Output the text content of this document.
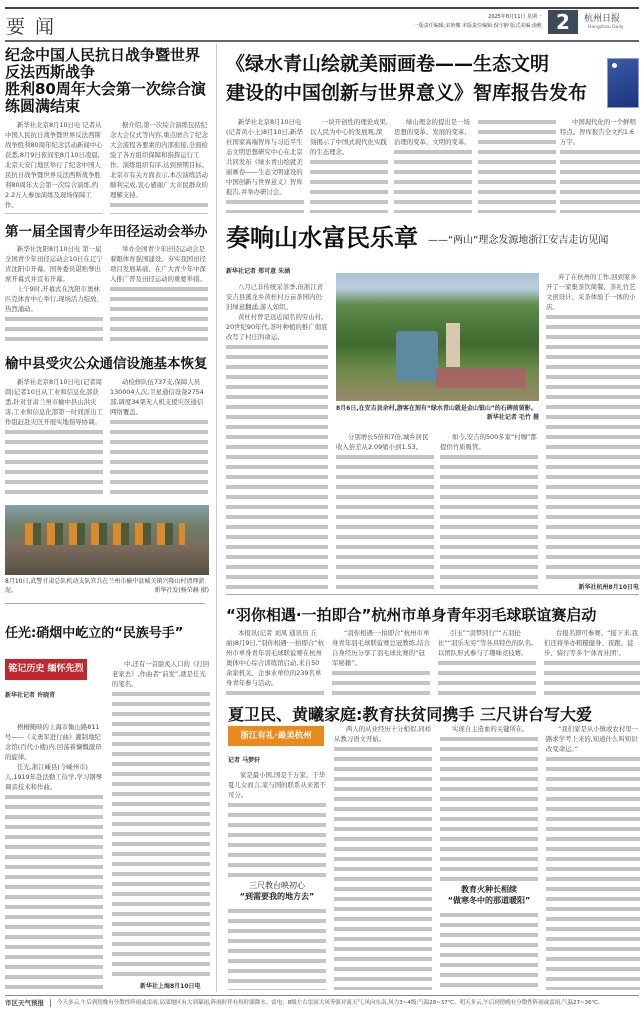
要闻	2025年8月11日 星期一
一版责任编辑:宋艳娜 本版责任编辑:倪宇翀 版式美编:俞帆 2	杭州日报
Hangzhou Daily
纪念中国人民抗日战争暨世界反法西斯战争
胜利80周年大会第一次综合演练圆满结束

新华社北京8月10日电 记者从中国人民抗日战争暨世界反法西斯战争胜利80周年纪念活动新闻中心获悉,8月9日夜间至8月10日凌晨,北京天安门地区举行了纪念中国人民抗日战争暨世界反法西斯战争胜利80周年大会第一次综合演练,约2.2万人参加演练及现场保障工作。

据介绍,第一次综合演练包括纪念大会仪式等内容,重点磨合了纪念大会流程各要素的内部衔接,全面检验了各方组织保障和指挥运行工作。演练组织有序,达到预期目标。北京市有关方面表示,本次演练活动顺利完成,衷心感谢广大市民群众的理解支持。

第一届全国青少年田径运动会举办

新华社沈阳8月10日电 第一届全国青少年田径运动会10日在辽宁省沈阳市开幕。国务委员谌贻琴出席开幕式并宣布开幕。

上午9时,开幕式在沈阳市奥林匹克体育中心举行,现场活力绽放、热烈涌动。

举办全国青少年田径运动会是着眼体育强国建设、夯实我国田径项目发展基础、在广大青少年中深入推广普及田径运动的重要举措。

榆中县受灾公众通信设施基本恢复

新华社北京8月10日电(记者周圆)记者10日从工业和信息化部获悉,针对甘肃兰州市榆中县山洪灾害,工业和信息化部第一时间派出工作组赶赴灾区开展实地指导协调。

动检修队伍737支,保障人员130004人次,卫星通信设备2754部,调度34架无人机支援灾区通信网络覆盖。

8月10日,武警甘肃总队机动支队官兵在兰州市榆中县城关镇兴隆山村清理淤泥。	新华社发(杨荣赫 摄)
任光:硝烟中屹立的“民族号手”
铭记历史 缅怀先烈
新华社记者 许晓青

梧桐掩映的上海市衡山路811号——《义勇军进行曲》灌制地纪念馆(百代小楼)内,回荡着慷慨激昂的旋律。

任光,浙江嵊县(今嵊州市)人,1919年赴法勤工俭学,学习钢琴调音技术和作曲。

中,还有一首脍炙人口的《打回老家去》,作曲者“前发”,就是任光的笔名。

新华社上海8月10日电
《绿水青山绘就美丽画卷——生态文明
建设的中国创新与世界意义》智库报告发布

新华社北京8月10日电(记者黄小土)8月10日,新华社国家高端智库与习近平生态文明思想研究中心在北京共同发布《绿水青山绘就美丽画卷——生态文明建设的中国创新与世界意义》智库报告,并举办研讨会。

一块开创性的理论成果,以人民为中心的发展观,深刻揭示了中国式现代化实践的生态理念。

绿山理念的提出是一场思想的变革、发展的变革、治理的变革、文明的变革。

中国现代化的一个鲜明特点。智库报告全文约1.6万字。

奏响山水富民乐章 ——“两山”理念发源地浙江安吉走访见闻
新华社记者 郑可意 朱涵

八月已非传统采茶季,但浙江省安吉县溪龙乡黄杜村万亩茶园内仍旧绿意翻涌,游人如织。

黄杜村曾是远近闻名的穷山村。20世纪90年代,茶叶种植的推广彻底改写了村庄的命运。

8月6日,在安吉县余村,游客在刻有“绿水青山就是金山银山”的石碑前留影。
新华社记者 毛竹 摄

分别增长5倍和7倍,城乡居民收入倍差从2.09缩小到1.53。

如今,安吉的500多家“村咖”都提供竹质吸管。

弃了在杭州的工作,回到家乡开了一家集茶饮简餐、茶礼竹艺文创设计、采茶体验于一体的小店。

新华社杭州8月10日电
“羽你相遇·一拍即合”杭州市单身青年羽毛球联谊赛启动

本报讯(记者 刘凤 通讯员 丘丽)8月9日,“羽你相遇·一拍即合”杭州市单身青年羽毛球联谊赛在杭州奥体中心综合训练馆启动,来自50余家机关、企事业单位的239名单身青年参与活动。

“羽你相遇·一拍即合”杭州市单身青年羽毛球联谊赛总冠教练,结合自身经历分享了羽毛球比赛的“冠军秘籍”。

引玉”“羽梦同行”“五羽伦比”“羽乐无穷”等各具特色的队名,以团队形式参与了趣味竞技赛。

台报名即可参赛。“接下来,我们还将举办粗糙健身、夜跑、徒步、骑行等多个‘体育社团’。

夏卫民、黄曦家庭:教育扶贫同携手 三尺讲台写大爱
浙江有礼·最美杭州
记者 马梦轩

家是最小国,国是千万家。于华夏儿女而言,家与国的联系从来密不可分。

三尺教台映初心
“到需要我的地方去”

两人的从业经历十分相似,同样从教习语文开始。

实现自主造血的关键所在。

教育火种长相续
“做寒冬中的那道暖阳”

“我们家是从小镇或农村里一路求学考上来的,知道什么叫知识改变命运。”

市区天气预报	今天多云,午后到傍晚有分散性阵雨或雷雨,局部地区有大到暴雨,阵雨时伴有短时强降水、雷电、8级左右雷雨大风等强对流天气,风向东南,风力3~4级;气温28~37℃。明天多云,午后到傍晚有分散性阵雨或雷雨,气温27~36℃。
